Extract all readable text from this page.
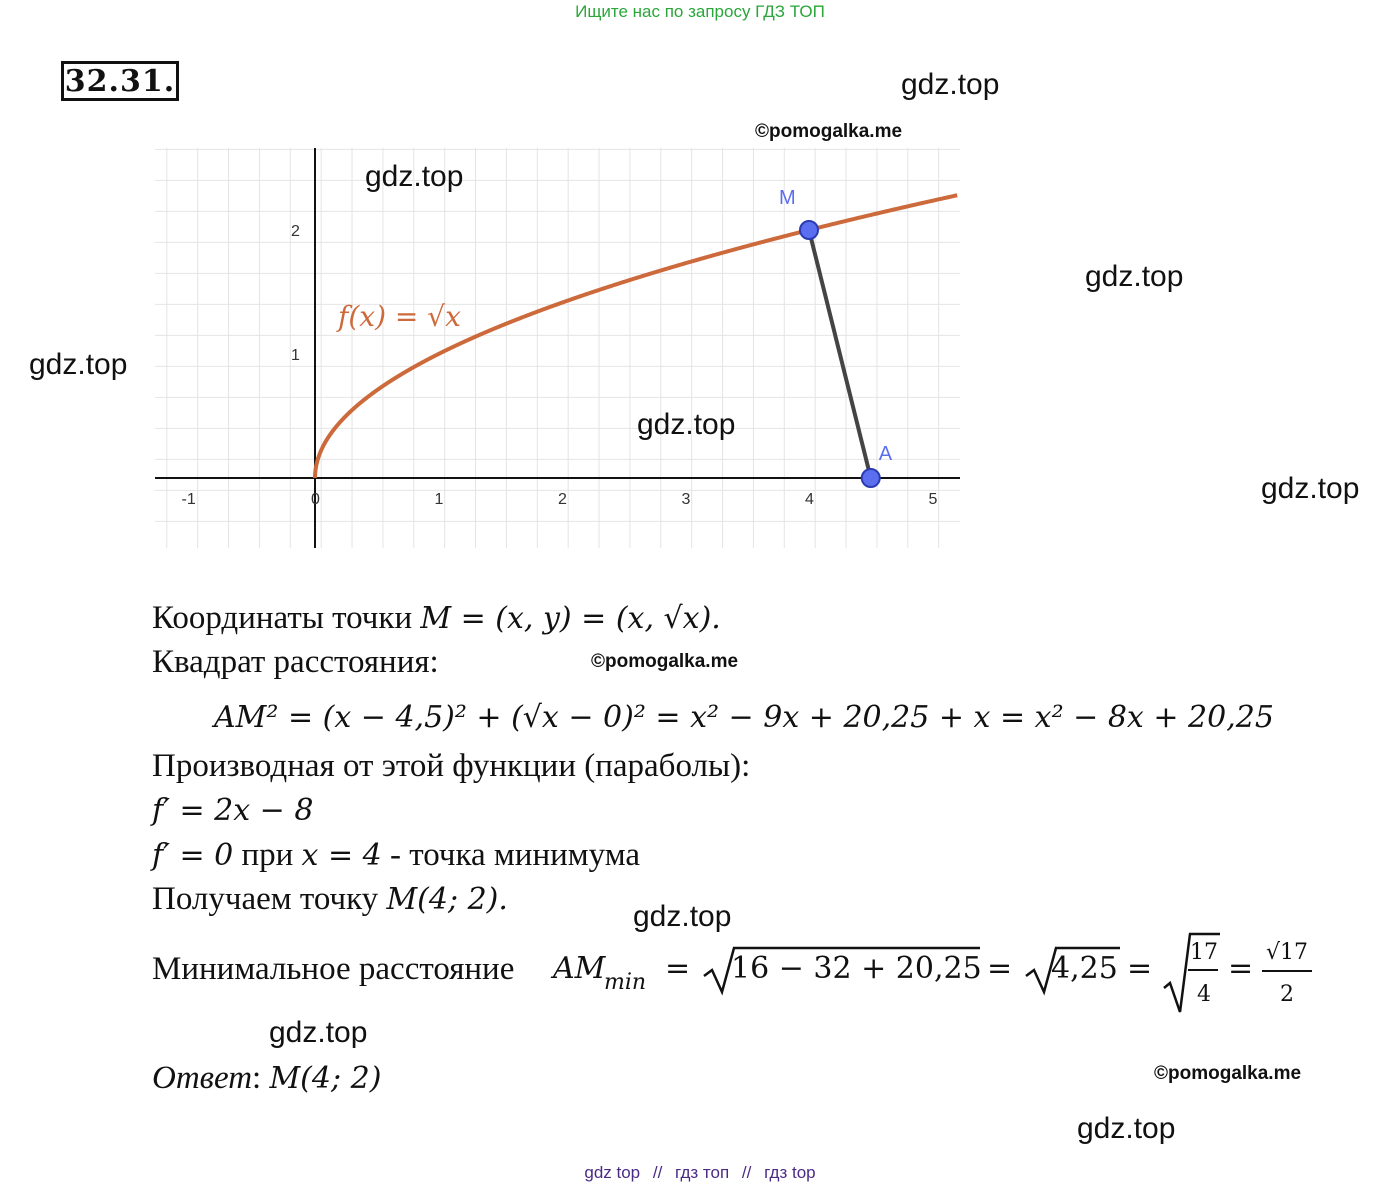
Ищите нас по запросу ГДЗ ТОП
32.31.
-1	0	1	2	3	4	5
1
2
M
A
f(x) = √x
gdz.top
gdz.top
gdz.top
gdz.top
gdz.top
gdz.top
gdz.top
gdz.top
gdz.top
©pomogalka.me
©pomogalka.me
©pomogalka.me
Координаты точки M = (x, y) = (x, √x).
Квадрат расстояния:
AM² = (x − 4,5)² + (√x − 0)² = x² − 9x + 20,25 + x = x² − 8x + 20,25
Производная от этой функции (параболы):
f′ = 2x − 8
f′ = 0 при x = 4 - точка минимума
Получаем точку M(4; 2).
Минимальное расстояние AM
min = 16 − 32 + 20,25 = 4,25 = 17
4
= √17
2
Ответ: M(4; 2)
gdz top // гдз топ // гдз top
